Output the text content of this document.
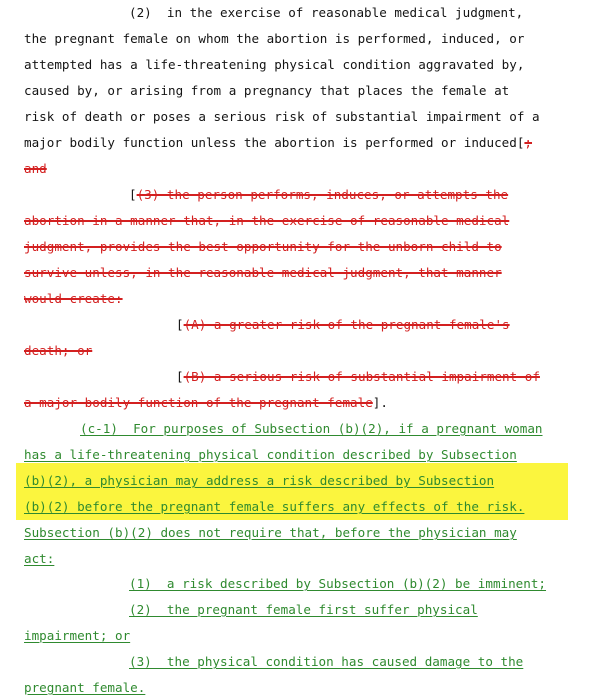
(2)  in the exercise of reasonable medical judgment,
the pregnant female on whom the abortion is performed, induced, or
attempted has a life-threatening physical condition aggravated by,
caused by, or arising from a pregnancy that places the female at
risk of death or poses a serious risk of substantial impairment of a
major bodily function unless the abortion is performed or induced[;
and
[(3) the person performs, induces, or attempts the
abortion in a manner that, in the exercise of reasonable medical
judgment, provides the best opportunity for the unborn child to
survive unless, in the reasonable medical judgment, that manner
would create:
[(A) a greater risk of the pregnant female's
death; or
[(B) a serious risk of substantial impairment of
a major bodily function of the pregnant female].
(c-1)  For purposes of Subsection (b)(2), if a pregnant woman
has a life-threatening physical condition described by Subsection
(b)(2), a physician may address a risk described by Subsection
(b)(2) before the pregnant female suffers any effects of the risk.
Subsection (b)(2) does not require that, before the physician may
act:
(1)  a risk described by Subsection (b)(2) be imminent;
(2)  the pregnant female first suffer physical
impairment; or
(3)  the physical condition has caused damage to the
pregnant female.
